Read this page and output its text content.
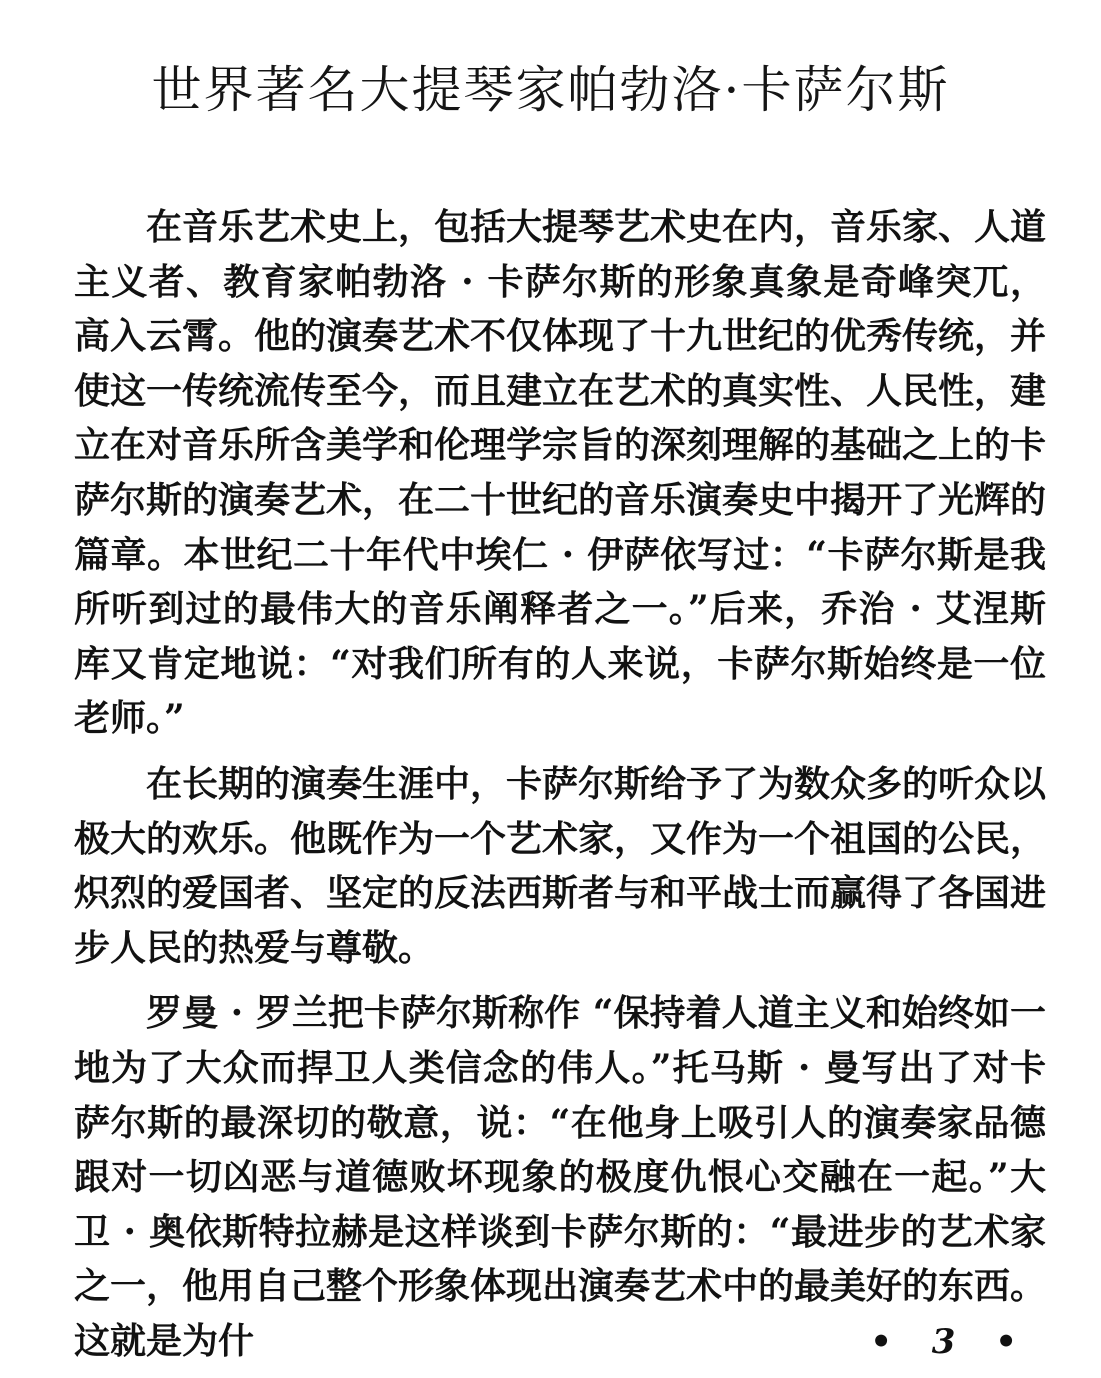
世界著名大提琴家帕勃洛·卡萨尔斯

在音乐艺术史上，包括大提琴艺术史在内，音乐家、人道主义者、教育家帕勃洛 · 卡萨尔斯的形象真象是奇峰突兀，高入云霄。他的演奏艺术不仅体现了十九世纪的优秀传统，并使这一传统流传至今，而且建立在艺术的真实性、人民性，建立在对音乐所含美学和伦理学宗旨的深刻理解的基础之上的卡萨尔斯的演奏艺术，在二十世纪的音乐演奏史中揭开了光辉的篇章。本世纪二十年代中埃仁 · 伊萨依写过：“卡萨尔斯是我所听到过的最伟大的音乐阐释者之一。”后来，乔治 · 艾涅斯库又肯定地说：“对我们所有的人来说，卡萨尔斯始终是一位老师。”

在长期的演奏生涯中，卡萨尔斯给予了为数众多的听众以极大的欢乐。他既作为一个艺术家，又作为一个祖国的公民，炽烈的爱国者、坚定的反法西斯者与和平战士而赢得了各国进步人民的热爱与尊敬。

罗曼 · 罗兰把卡萨尔斯称作 “保持着人道主义和始终如一地为了大众而捍卫人类信念的伟人。”托马斯 · 曼写出了对卡萨尔斯的最深切的敬意，说：“在他身上吸引人的演奏家品德跟对一切凶恶与道德败坏现象的极度仇恨心交融在一起。”大卫 · 奥依斯特拉赫是这样谈到卡萨尔斯的：“最进步的艺术家之一，他用自己整个形象体现出演奏艺术中的最美好的东西。这就是为什	• 3 •
